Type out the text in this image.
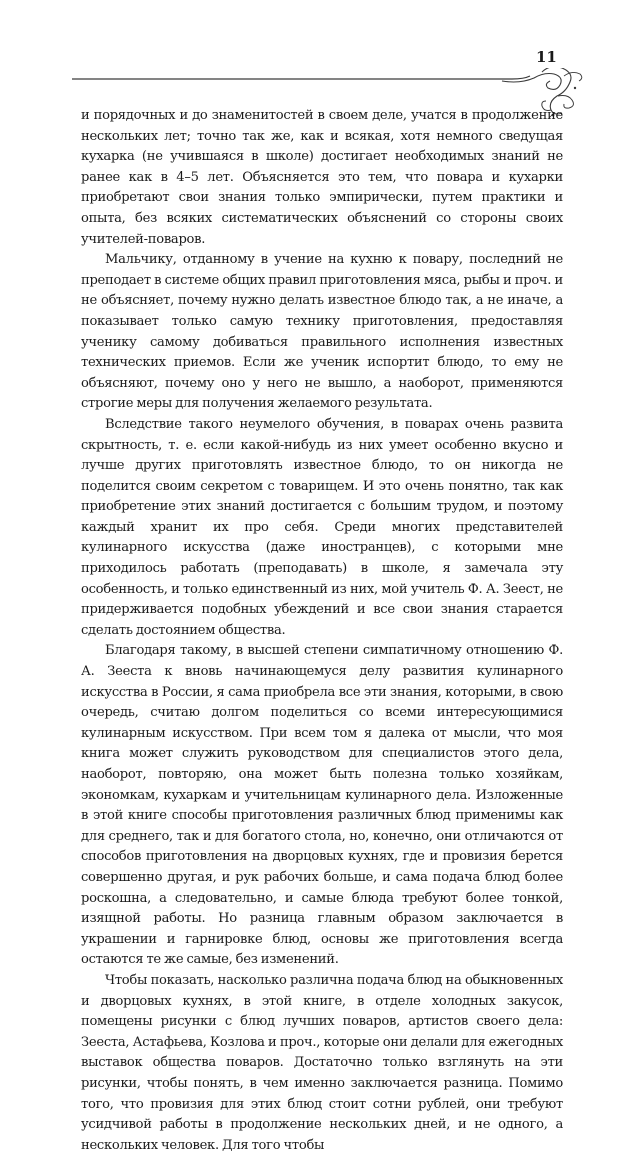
11

и порядочных и до знаменитостей в своем деле, учатся в продолжение нескольких лет; точно так же, как и всякая, хотя немного сведущая кухарка (не учившаяся в школе) достигает необходимых знаний не ранее как в 4–5 лет. Объясняется это тем, что повара и кухарки приобретают свои знания только эмпирически, путем практики и опыта, без всяких систематических объяснений со стороны своих учителей-поваров.

Мальчику, отданному в учение на кухню к повару, последний не преподает в системе общих правил приготовления мяса, рыбы и проч. и не объясняет, почему нужно делать известное блюдо так, а не иначе, а показывает только самую технику приготовления, предоставляя ученику самому добиваться правильного исполнения известных технических приемов. Если же ученик испортит блюдо, то ему не объясняют, почему оно у него не вышло, а наоборот, применяются строгие меры для получения желаемого результата.

Вследствие такого неумелого обучения, в поварах очень развита скрытность, т. е. если какой-нибудь из них умеет особенно вкусно и лучше других приготовлять известное блюдо, то он никогда не поделится своим секретом с товарищем. И это очень понятно, так как приобретение этих знаний достигается с большим трудом, и поэтому каждый хранит их про себя. Среди многих представителей кулинарного искусства (даже иностранцев), с которыми мне приходилось работать (преподавать) в школе, я замечала эту особенность, и только единственный из них, мой учитель Ф. А. Зеест, не придерживается подобных убеждений и все свои знания старается сделать достоянием общества.

Благодаря такому, в высшей степени симпатичному отношению Ф. А. Зееста к вновь начинающемуся делу развития кулинарного искусства в России, я сама приобрела все эти знания, которыми, в свою очередь, считаю долгом поделиться со всеми интересующимися кулинарным искусством. При всем том я далека от мысли, что моя книга может служить руководством для специалистов этого дела, наоборот, повторяю, она может быть полезна только хозяйкам, экономкам, кухаркам и учительницам кулинарного дела. Изложенные в этой книге способы приготовления различных блюд применимы как для среднего, так и для богатого стола, но, конечно, они отличаются от способов приготовления на дворцовых кухнях, где и провизия берется совершенно другая, и рук рабочих больше, и сама подача блюд более роскошна, а следовательно, и самые блюда требуют более тонкой, изящной работы. Но разница главным образом заключается в украшении и гарнировке блюд, основы же приготовления всегда остаются те же самые, без изменений.

Чтобы показать, насколько различна подача блюд на обыкновенных и дворцовых кухнях, в этой книге, в отделе холодных закусок, помещены рисунки с блюд лучших поваров, артистов своего дела: Зееста, Астафьева, Козлова и проч., которые они делали для ежегодных выставок общества поваров. Достаточно только взглянуть на эти рисунки, чтобы понять, в чем именно заключается разница. Помимо того, что провизия для этих блюд стоит сотни рублей, они требуют усидчивой работы в продолжение нескольких дней, и не одного, а нескольких человек. Для того чтобы
